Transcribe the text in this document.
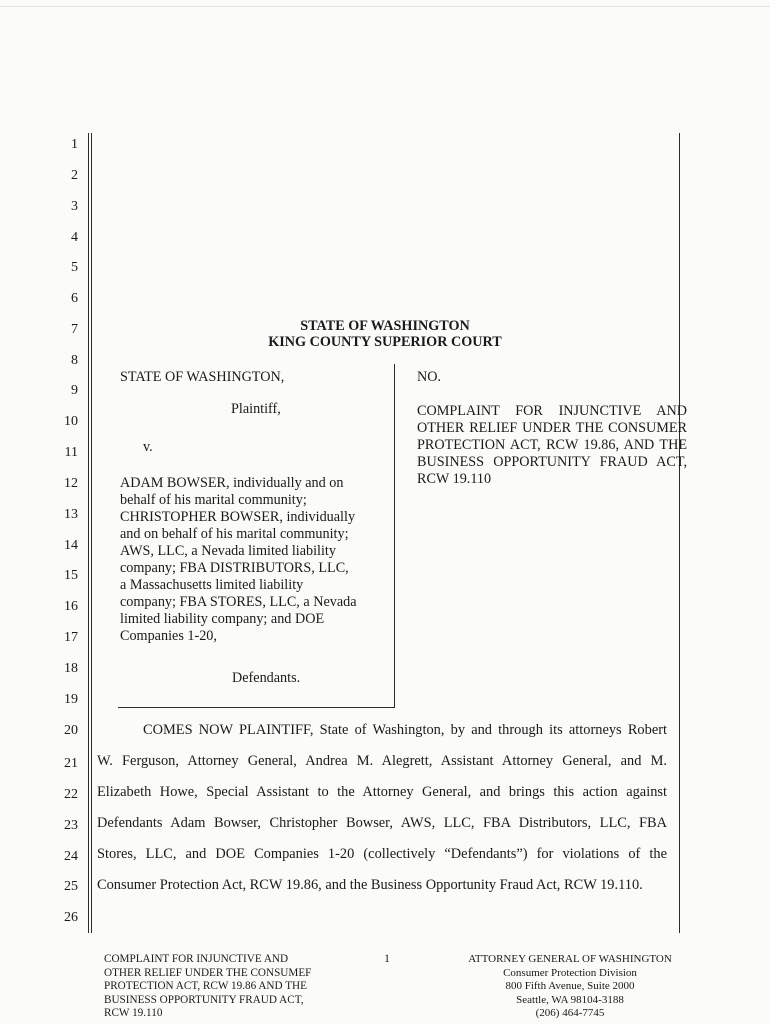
1
2
3
4
5
6
7
8
9
10
11
12
13
14
15
16
17
18
19
20
21
22
23
24
25
26
STATE OF WASHINGTON
KING COUNTY SUPERIOR COURT
STATE OF WASHINGTON,
Plaintiff,
v.
ADAM BOWSER, individually and on
behalf of his marital community;
CHRISTOPHER BOWSER, individually
and on behalf of his marital community;
AWS, LLC, a Nevada limited liability
company; FBA DISTRIBUTORS, LLC,
a Massachusetts limited liability
company; FBA STORES, LLC, a Nevada
limited liability company; and DOE
Companies 1-20,
Defendants.
NO.
COMPLAINT FOR INJUNCTIVE AND OTHER RELIEF UNDER THE CONSUMER PROTECTION ACT, RCW 19.86, AND THE BUSINESS OPPORTUNITY FRAUD ACT, RCW 19.110
COMES NOW PLAINTIFF, State of Washington, by and through its attorneys Robert
W. Ferguson, Attorney General, Andrea M. Alegrett, Assistant Attorney General, and M.
Elizabeth Howe, Special Assistant to the Attorney General, and brings this action against
Defendants Adam Bowser, Christopher Bowser, AWS, LLC, FBA Distributors, LLC, FBA
Stores, LLC, and DOE Companies 1-20 (collectively “Defendants”) for violations of the
Consumer Protection Act, RCW 19.86, and the Business Opportunity Fraud Act, RCW 19.110.
COMPLAINT FOR INJUNCTIVE AND
OTHER RELIEF UNDER THE CONSUMEF
PROTECTION ACT, RCW 19.86 AND THE
BUSINESS OPPORTUNITY FRAUD ACT,
RCW 19.110
1	ATTORNEY GENERAL OF WASHINGTON
Consumer Protection Division
800 Fifth Avenue, Suite 2000
Seattle, WA 98104-3188
(206) 464-7745
